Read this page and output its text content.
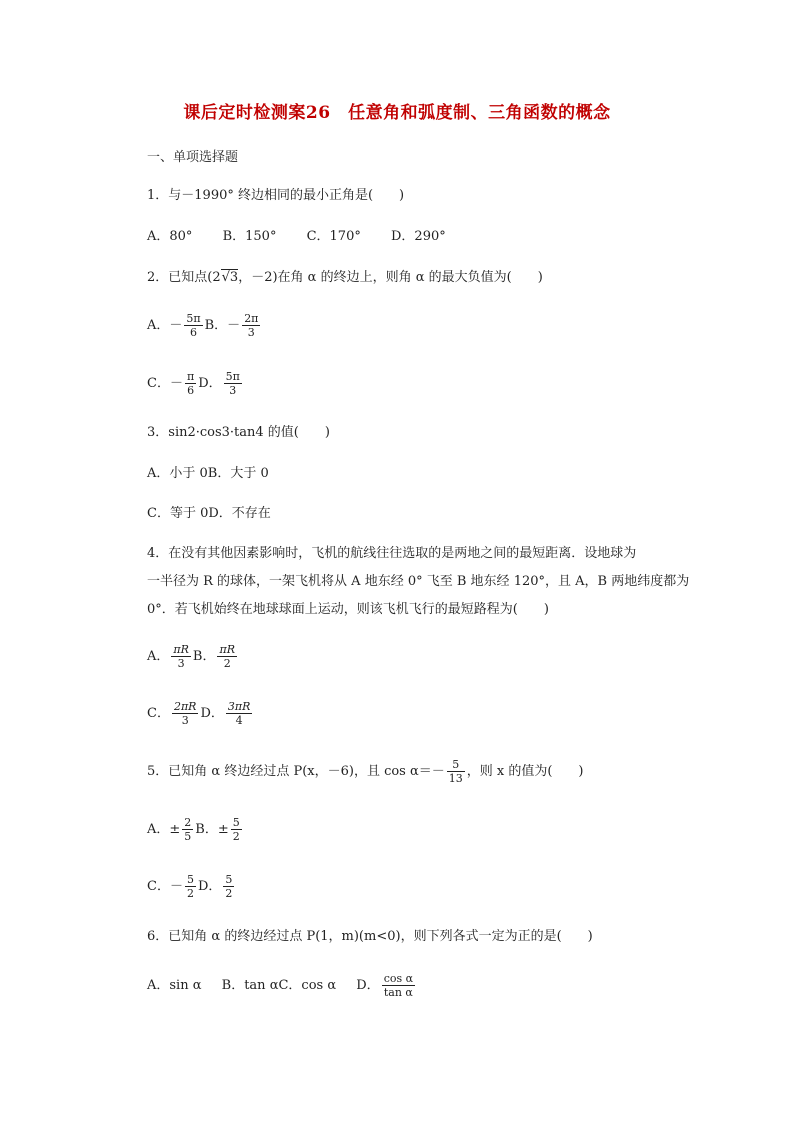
课后定时检测案26　任意角和弧度制、三角函数的概念
一、单项选择题
1．与－1990° 终边相同的最小正角是(　　)
A．80° B．150° C．170° D．290°
2．已知点(2√3，－2)在角 α 的终边上，则角 α 的最大负值为(　　)
A．－ $\frac{5\pi}{6}$ B．－ $\frac{2\pi}{3}$
C．－ $\frac{\pi}{6}$ D． $\frac{5\pi}{3}$
3．sin2·cos3·tan4 的值(　　)
A．小于 0B．大于 0
C．等于 0D．不存在
4．在没有其他因素影响时，飞机的航线往往选取的是两地之间的最短距离．设地球为
一半径为 R 的球体，一架飞机将从 A 地东经 0° 飞至 B 地东经 120°，且 A，B 两地纬度都为
0°．若飞机始终在地球球面上运动，则该飞机飞行的最短路程为(　　)
A． $\frac{\pi R}{3}$ B． $\frac{\pi R}{2}$
C． $\frac{2\pi R}{3}$ D． $\frac{3\pi R}{4}$
5．已知角 α 终边经过点 P(x，－6)，且 $\cos \alpha=- \frac{5}{13}$ ，则 x 的值为(　　)
A．± $\frac{2}{5}$ B．± $\frac{5}{2}$
C．－ $\frac{5}{2}$ D． $\frac{5}{2}$
6．已知角 α 的终边经过点 P(1，m)(m<0)，则下列各式一定为正的是(　　)
A．sin α B．tan αC．cos α D． $\frac{\text{cos α}}{\text{tan α}}$
